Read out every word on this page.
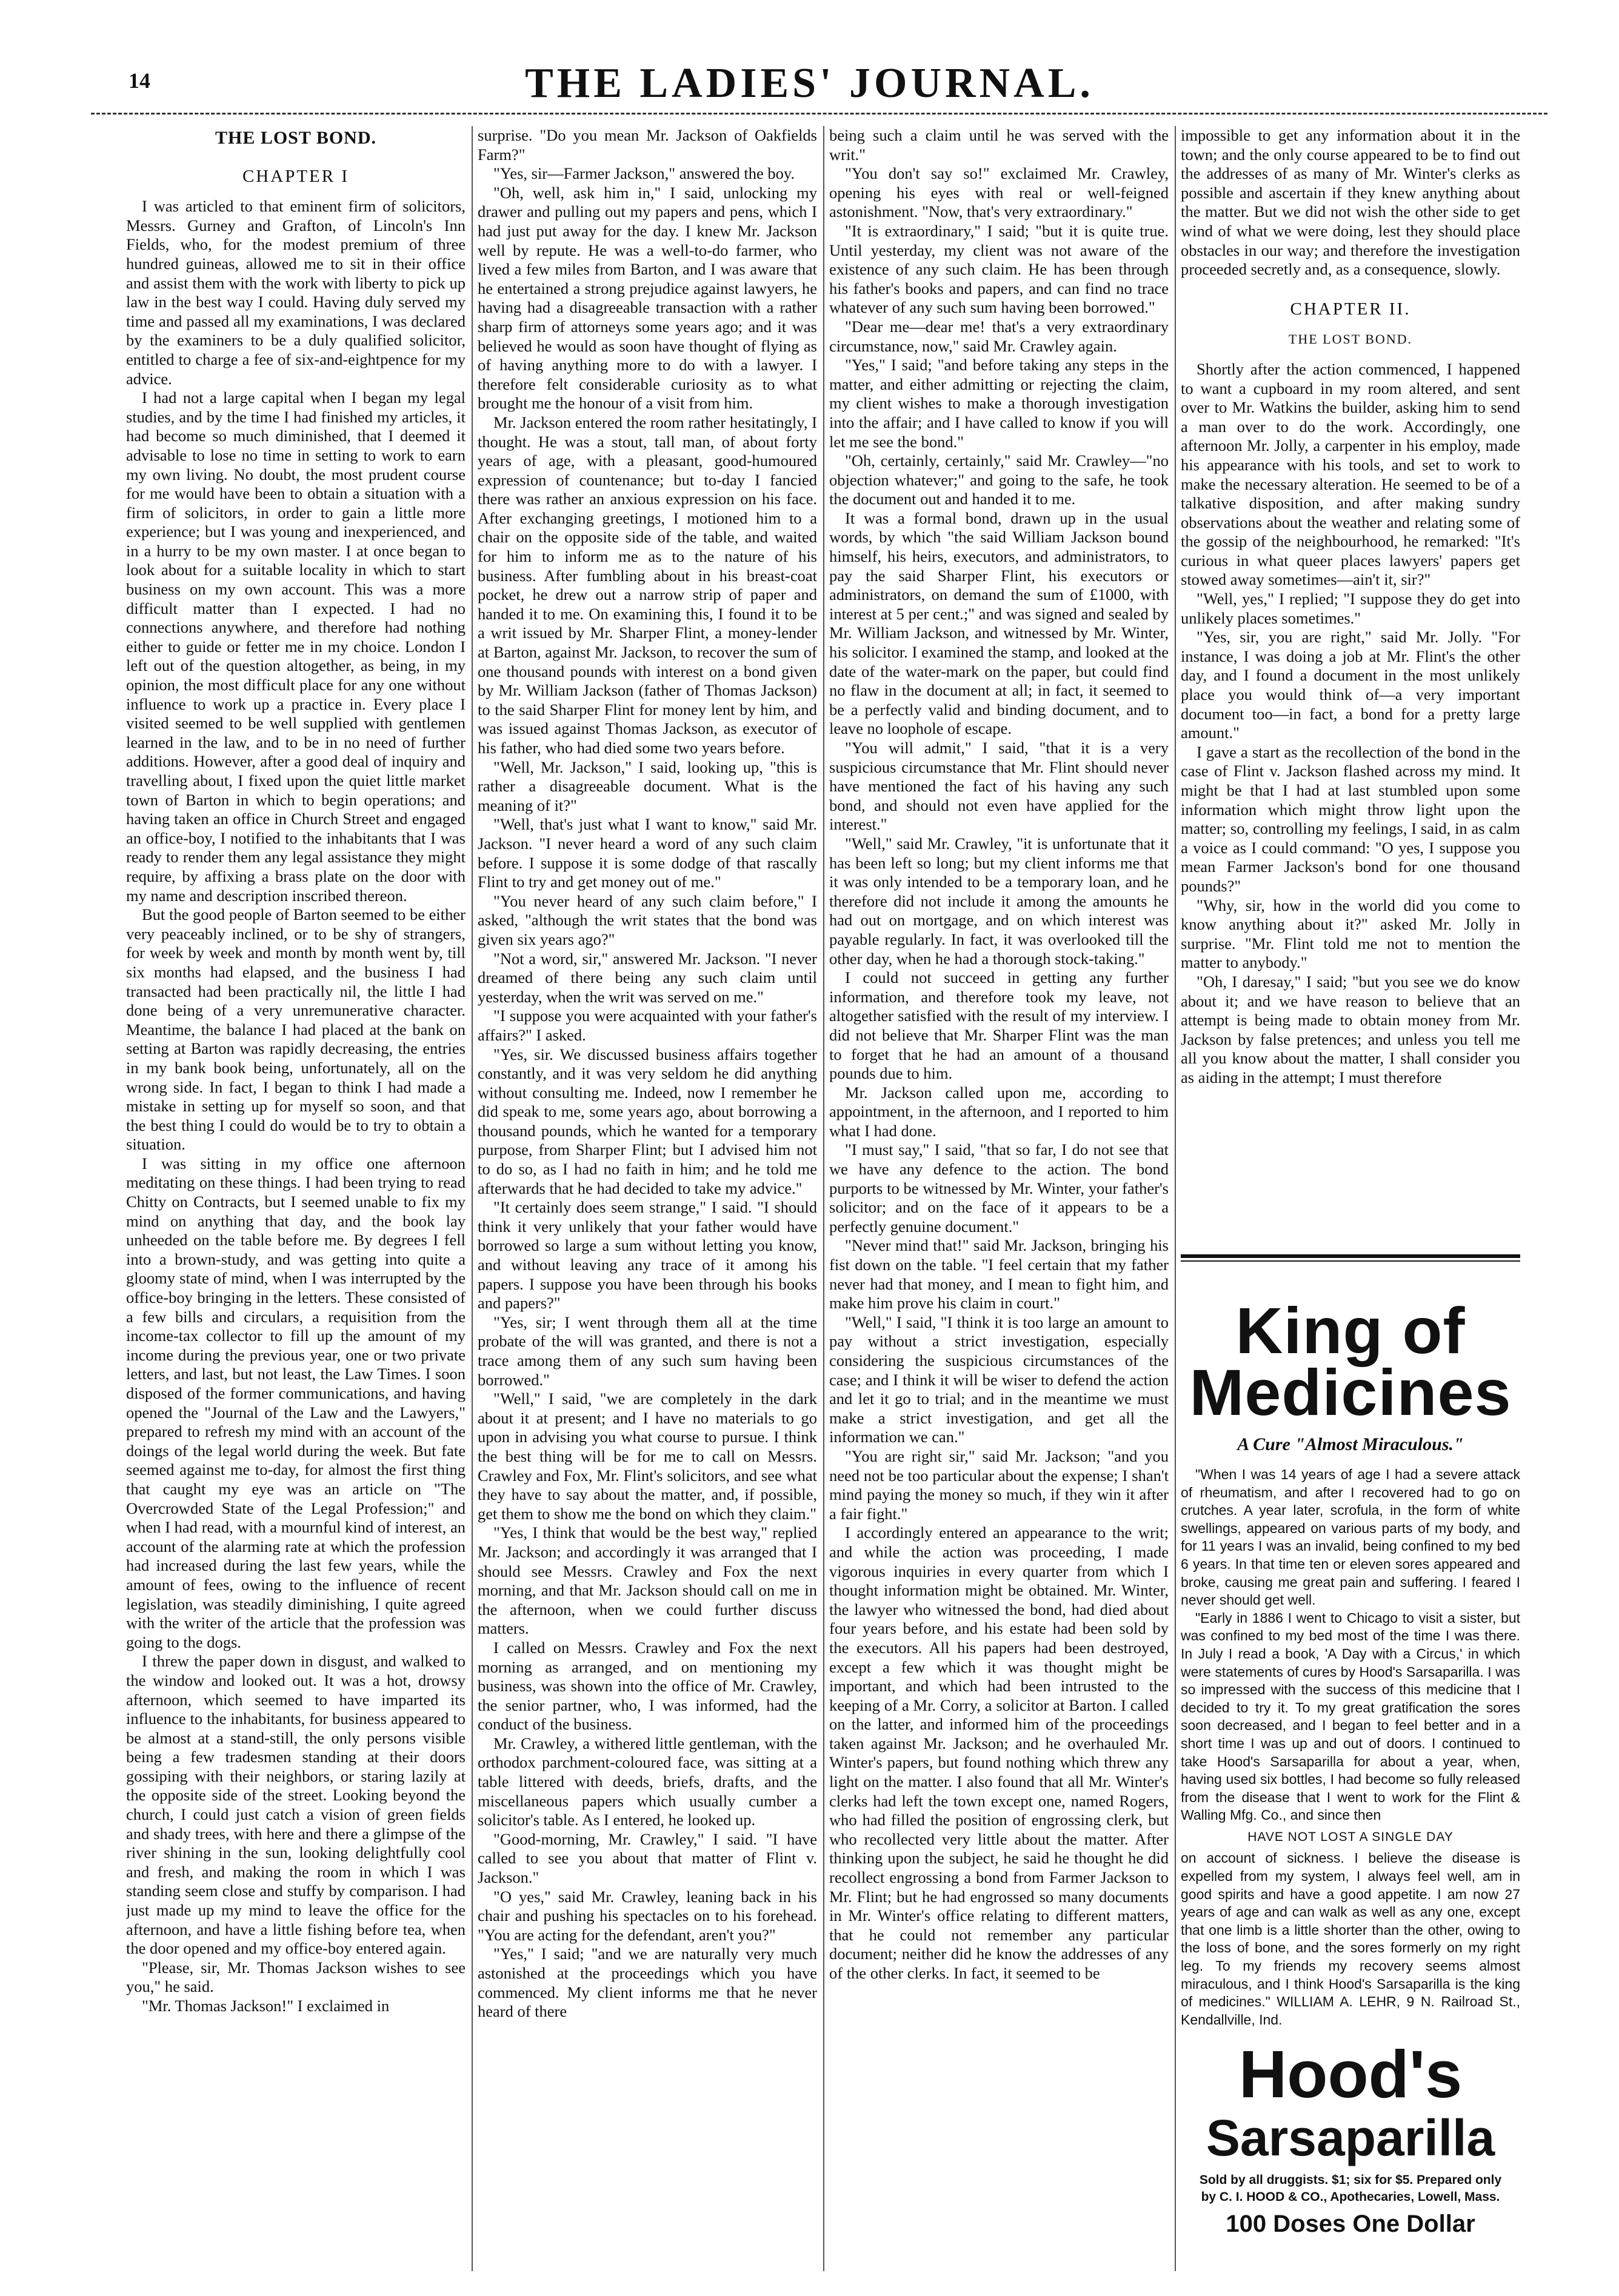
14	THE LADIES' JOURNAL.
THE LOST BOND.
CHAPTER I

I was articled to that eminent firm of solicitors, Messrs. Gurney and Grafton, of Lincoln's Inn Fields, who, for the modest premium of three hundred guineas, allowed me to sit in their office and assist them with the work with liberty to pick up law in the best way I could. Having duly served my time and passed all my examinations, I was declared by the examiners to be a duly qualified solicitor, entitled to charge a fee of six-and-eightpence for my advice.

I had not a large capital when I began my legal studies, and by the time I had finished my articles, it had become so much diminished, that I deemed it advisable to lose no time in setting to work to earn my own living. No doubt, the most prudent course for me would have been to obtain a situation with a firm of solicitors, in order to gain a little more experience; but I was young and inexperienced, and in a hurry to be my own master. I at once began to look about for a suitable locality in which to start business on my own account. This was a more difficult matter than I expected. I had no connections anywhere, and therefore had nothing either to guide or fetter me in my choice. London I left out of the question altogether, as being, in my opinion, the most difficult place for any one without influence to work up a practice in. Every place I visited seemed to be well supplied with gentlemen learned in the law, and to be in no need of further additions. However, after a good deal of inquiry and travelling about, I fixed upon the quiet little market town of Barton in which to begin operations; and having taken an office in Church Street and engaged an office-boy, I notified to the inhabitants that I was ready to render them any legal assistance they might require, by affixing a brass plate on the door with my name and description inscribed thereon.

But the good people of Barton seemed to be either very peaceably inclined, or to be shy of strangers, for week by week and month by month went by, till six months had elapsed, and the business I had transacted had been practically nil, the little I had done being of a very unremunerative character. Meantime, the balance I had placed at the bank on setting at Barton was rapidly decreasing, the entries in my bank book being, unfortunately, all on the wrong side. In fact, I began to think I had made a mistake in setting up for myself so soon, and that the best thing I could do would be to try to obtain a situation.

I was sitting in my office one afternoon meditating on these things. I had been trying to read Chitty on Contracts, but I seemed unable to fix my mind on anything that day, and the book lay unheeded on the table before me. By degrees I fell into a brown-study, and was getting into quite a gloomy state of mind, when I was interrupted by the office-boy bringing in the letters. These consisted of a few bills and circulars, a requisition from the income-tax collector to fill up the amount of my income during the previous year, one or two private letters, and last, but not least, the Law Times. I soon disposed of the former communications, and having opened the "Journal of the Law and the Lawyers," prepared to refresh my mind with an account of the doings of the legal world during the week. But fate seemed against me to-day, for almost the first thing that caught my eye was an article on "The Overcrowded State of the Legal Profession;" and when I had read, with a mournful kind of interest, an account of the alarming rate at which the profession had increased during the last few years, while the amount of fees, owing to the influence of recent legislation, was steadily diminishing, I quite agreed with the writer of the article that the profession was going to the dogs.

I threw the paper down in disgust, and walked to the window and looked out. It was a hot, drowsy afternoon, which seemed to have imparted its influence to the inhabitants, for business appeared to be almost at a stand-still, the only persons visible being a few tradesmen standing at their doors gossiping with their neighbors, or staring lazily at the opposite side of the street. Looking beyond the church, I could just catch a vision of green fields and shady trees, with here and there a glimpse of the river shining in the sun, looking delightfully cool and fresh, and making the room in which I was standing seem close and stuffy by comparison. I had just made up my mind to leave the office for the afternoon, and have a little fishing before tea, when the door opened and my office-boy entered again.

"Please, sir, Mr. Thomas Jackson wishes to see you," he said.

"Mr. Thomas Jackson!" I exclaimed in

surprise. "Do you mean Mr. Jackson of Oakfields Farm?"

"Yes, sir—Farmer Jackson," answered the boy.

"Oh, well, ask him in," I said, unlocking my drawer and pulling out my papers and pens, which I had just put away for the day. I knew Mr. Jackson well by repute. He was a well-to-do farmer, who lived a few miles from Barton, and I was aware that he entertained a strong prejudice against lawyers, he having had a disagreeable transaction with a rather sharp firm of attorneys some years ago; and it was believed he would as soon have thought of flying as of having anything more to do with a lawyer. I therefore felt considerable curiosity as to what brought me the honour of a visit from him.

Mr. Jackson entered the room rather hesitatingly, I thought. He was a stout, tall man, of about forty years of age, with a pleasant, good-humoured expression of countenance; but to-day I fancied there was rather an anxious expression on his face. After exchanging greetings, I motioned him to a chair on the opposite side of the table, and waited for him to inform me as to the nature of his business. After fumbling about in his breast-coat pocket, he drew out a narrow strip of paper and handed it to me. On examining this, I found it to be a writ issued by Mr. Sharper Flint, a money-lender at Barton, against Mr. Jackson, to recover the sum of one thousand pounds with interest on a bond given by Mr. William Jackson (father of Thomas Jackson) to the said Sharper Flint for money lent by him, and was issued against Thomas Jackson, as executor of his father, who had died some two years before.

"Well, Mr. Jackson," I said, looking up, "this is rather a disagreeable document. What is the meaning of it?"

"Well, that's just what I want to know," said Mr. Jackson. "I never heard a word of any such claim before. I suppose it is some dodge of that rascally Flint to try and get money out of me."

"You never heard of any such claim before," I asked, "although the writ states that the bond was given six years ago?"

"Not a word, sir," answered Mr. Jackson. "I never dreamed of there being any such claim until yesterday, when the writ was served on me."

"I suppose you were acquainted with your father's affairs?" I asked.

"Yes, sir. We discussed business affairs together constantly, and it was very seldom he did anything without consulting me. Indeed, now I remember he did speak to me, some years ago, about borrowing a thousand pounds, which he wanted for a temporary purpose, from Sharper Flint; but I advised him not to do so, as I had no faith in him; and he told me afterwards that he had decided to take my advice."

"It certainly does seem strange," I said. "I should think it very unlikely that your father would have borrowed so large a sum without letting you know, and without leaving any trace of it among his papers. I suppose you have been through his books and papers?"

"Yes, sir; I went through them all at the time probate of the will was granted, and there is not a trace among them of any such sum having been borrowed."

"Well," I said, "we are completely in the dark about it at present; and I have no materials to go upon in advising you what course to pursue. I think the best thing will be for me to call on Messrs. Crawley and Fox, Mr. Flint's solicitors, and see what they have to say about the matter, and, if possible, get them to show me the bond on which they claim."

"Yes, I think that would be the best way," replied Mr. Jackson; and accordingly it was arranged that I should see Messrs. Crawley and Fox the next morning, and that Mr. Jackson should call on me in the afternoon, when we could further discuss matters.

I called on Messrs. Crawley and Fox the next morning as arranged, and on mentioning my business, was shown into the office of Mr. Crawley, the senior partner, who, I was informed, had the conduct of the business.

Mr. Crawley, a withered little gentleman, with the orthodox parchment-coloured face, was sitting at a table littered with deeds, briefs, drafts, and the miscellaneous papers which usually cumber a solicitor's table. As I entered, he looked up.

"Good-morning, Mr. Crawley," I said. "I have called to see you about that matter of Flint v. Jackson."

"O yes," said Mr. Crawley, leaning back in his chair and pushing his spectacles on to his forehead. "You are acting for the defendant, aren't you?"

"Yes," I said; "and we are naturally very much astonished at the proceedings which you have commenced. My client informs me that he never heard of there

being such a claim until he was served with the writ."

"You don't say so!" exclaimed Mr. Crawley, opening his eyes with real or well-feigned astonishment. "Now, that's very extraordinary."

"It is extraordinary," I said; "but it is quite true. Until yesterday, my client was not aware of the existence of any such claim. He has been through his father's books and papers, and can find no trace whatever of any such sum having been borrowed."

"Dear me—dear me! that's a very extraordinary circumstance, now," said Mr. Crawley again.

"Yes," I said; "and before taking any steps in the matter, and either admitting or rejecting the claim, my client wishes to make a thorough investigation into the affair; and I have called to know if you will let me see the bond."

"Oh, certainly, certainly," said Mr. Crawley—"no objection whatever;" and going to the safe, he took the document out and handed it to me.

It was a formal bond, drawn up in the usual words, by which "the said William Jackson bound himself, his heirs, executors, and administrators, to pay the said Sharper Flint, his executors or administrators, on demand the sum of £1000, with interest at 5 per cent.;" and was signed and sealed by Mr. William Jackson, and witnessed by Mr. Winter, his solicitor. I examined the stamp, and looked at the date of the water-mark on the paper, but could find no flaw in the document at all; in fact, it seemed to be a perfectly valid and binding document, and to leave no loophole of escape.

"You will admit," I said, "that it is a very suspicious circumstance that Mr. Flint should never have mentioned the fact of his having any such bond, and should not even have applied for the interest."

"Well," said Mr. Crawley, "it is unfortunate that it has been left so long; but my client informs me that it was only intended to be a temporary loan, and he therefore did not include it among the amounts he had out on mortgage, and on which interest was payable regularly. In fact, it was overlooked till the other day, when he had a thorough stock-taking."

I could not succeed in getting any further information, and therefore took my leave, not altogether satisfied with the result of my interview. I did not believe that Mr. Sharper Flint was the man to forget that he had an amount of a thousand pounds due to him.

Mr. Jackson called upon me, according to appointment, in the afternoon, and I reported to him what I had done.

"I must say," I said, "that so far, I do not see that we have any defence to the action. The bond purports to be witnessed by Mr. Winter, your father's solicitor; and on the face of it appears to be a perfectly genuine document."

"Never mind that!" said Mr. Jackson, bringing his fist down on the table. "I feel certain that my father never had that money, and I mean to fight him, and make him prove his claim in court."

"Well," I said, "I think it is too large an amount to pay without a strict investigation, especially considering the suspicious circumstances of the case; and I think it will be wiser to defend the action and let it go to trial; and in the meantime we must make a strict investigation, and get all the information we can."

"You are right sir," said Mr. Jackson; "and you need not be too particular about the expense; I shan't mind paying the money so much, if they win it after a fair fight."

I accordingly entered an appearance to the writ; and while the action was proceeding, I made vigorous inquiries in every quarter from which I thought information might be obtained. Mr. Winter, the lawyer who witnessed the bond, had died about four years before, and his estate had been sold by the executors. All his papers had been destroyed, except a few which it was thought might be important, and which had been intrusted to the keeping of a Mr. Corry, a solicitor at Barton. I called on the latter, and informed him of the proceedings taken against Mr. Jackson; and he overhauled Mr. Winter's papers, but found nothing which threw any light on the matter. I also found that all Mr. Winter's clerks had left the town except one, named Rogers, who had filled the position of engrossing clerk, but who recollected very little about the matter. After thinking upon the subject, he said he thought he did recollect engrossing a bond from Farmer Jackson to Mr. Flint; but he had engrossed so many documents in Mr. Winter's office relating to different matters, that he could not remember any particular document; neither did he know the addresses of any of the other clerks. In fact, it seemed to be

impossible to get any information about it in the town; and the only course appeared to be to find out the addresses of as many of Mr. Winter's clerks as possible and ascertain if they knew anything about the matter. But we did not wish the other side to get wind of what we were doing, lest they should place obstacles in our way; and therefore the investigation proceeded secretly and, as a consequence, slowly.

CHAPTER II.
THE LOST BOND.

Shortly after the action commenced, I happened to want a cupboard in my room altered, and sent over to Mr. Watkins the builder, asking him to send a man over to do the work. Accordingly, one afternoon Mr. Jolly, a carpenter in his employ, made his appearance with his tools, and set to work to make the necessary alteration. He seemed to be of a talkative disposition, and after making sundry observations about the weather and relating some of the gossip of the neighbourhood, he remarked: "It's curious in what queer places lawyers' papers get stowed away sometimes—ain't it, sir?"

"Well, yes," I replied; "I suppose they do get into unlikely places sometimes."

"Yes, sir, you are right," said Mr. Jolly. "For instance, I was doing a job at Mr. Flint's the other day, and I found a document in the most unlikely place you would think of—a very important document too—in fact, a bond for a pretty large amount."

I gave a start as the recollection of the bond in the case of Flint v. Jackson flashed across my mind. It might be that I had at last stumbled upon some information which might throw light upon the matter; so, controlling my feelings, I said, in as calm a voice as I could command: "O yes, I suppose you mean Farmer Jackson's bond for one thousand pounds?"

"Why, sir, how in the world did you come to know anything about it?" asked Mr. Jolly in surprise. "Mr. Flint told me not to mention the matter to anybody."

"Oh, I daresay," I said; "but you see we do know about it; and we have reason to believe that an attempt is being made to obtain money from Mr. Jackson by false pretences; and unless you tell me all you know about the matter, I shall consider you as aiding in the attempt; I must therefore

King of
Medicines
A Cure "Almost Miraculous."

"When I was 14 years of age I had a severe attack of rheumatism, and after I recovered had to go on crutches. A year later, scrofula, in the form of white swellings, appeared on various parts of my body, and for 11 years I was an invalid, being confined to my bed 6 years. In that time ten or eleven sores appeared and broke, causing me great pain and suffering. I feared I never should get well.

"Early in 1886 I went to Chicago to visit a sister, but was confined to my bed most of the time I was there. In July I read a book, 'A Day with a Circus,' in which were statements of cures by Hood's Sarsaparilla. I was so impressed with the success of this medicine that I decided to try it. To my great gratification the sores soon decreased, and I began to feel better and in a short time I was up and out of doors. I continued to take Hood's Sarsaparilla for about a year, when, having used six bottles, I had become so fully released from the disease that I went to work for the Flint & Walling Mfg. Co., and since then

HAVE NOT LOST A SINGLE DAY

on account of sickness. I believe the disease is expelled from my system, I always feel well, am in good spirits and have a good appetite. I am now 27 years of age and can walk as well as any one, except that one limb is a little shorter than the other, owing to the loss of bone, and the sores formerly on my right leg. To my friends my recovery seems almost miraculous, and I think Hood's Sarsaparilla is the king of medicines." WILLIAM A. LEHR, 9 N. Railroad St., Kendallville, Ind.

Hood's
Sarsaparilla
Sold by all druggists. $1; six for $5. Prepared only
by C. I. HOOD & CO., Apothecaries, Lowell, Mass.
100 Doses One Dollar
